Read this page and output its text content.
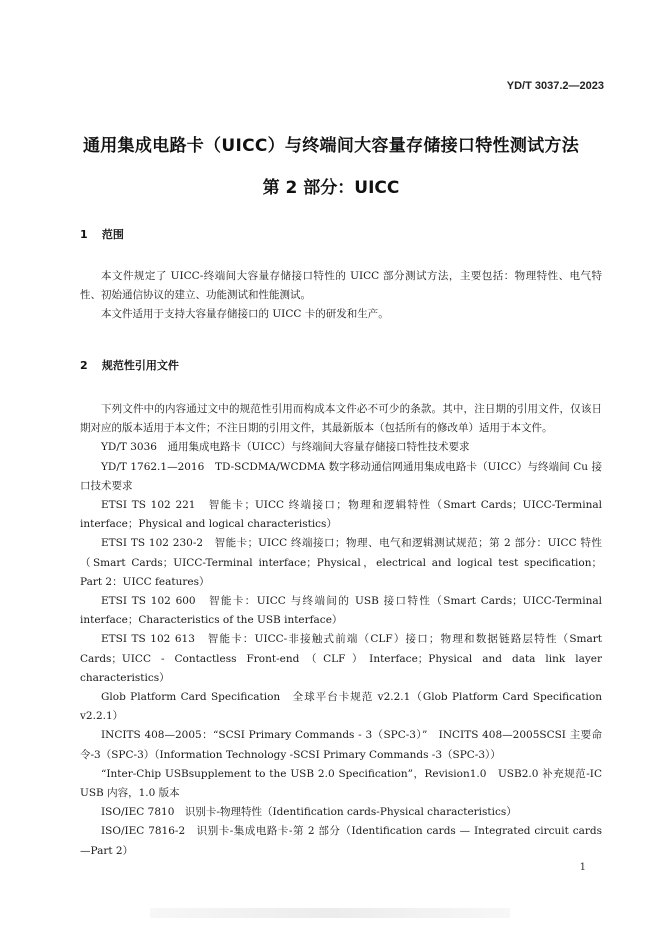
YD/T 3037.2—2023
通用集成电路卡（UICC）与终端间大容量存储接口特性测试方法
第 2 部分：UICC
1 范围

本文件规定了 UICC-终端间大容量存储接口特性的 UICC 部分测试方法，主要包括：物理特性、电气特性、初始通信协议的建立、功能测试和性能测试。

本文件适用于支持大容量存储接口的 UICC 卡的研发和生产。

2 规范性引用文件

下列文件中的内容通过文中的规范性引用而构成本文件必不可少的条款。其中，注日期的引用文件，仅该日期对应的版本适用于本文件；不注日期的引用文件，其最新版本（包括所有的修改单）适用于本文件。

YD/T 3036　通用集成电路卡（UICC）与终端间大容量存储接口特性技术要求

YD/T 1762.1—2016　TD-SCDMA/WCDMA 数字移动通信网通用集成电路卡（UICC）与终端间 Cu 接口技术要求

ETSI TS 102 221　智能卡；UICC 终端接口；物理和逻辑特性（Smart Cards；UICC-Terminal interface；Physical and logical characteristics）

ETSI TS 102 230-2　智能卡；UICC 终端接口；物理、电气和逻辑测试规范；第 2 部分：UICC 特性（Smart Cards；UICC-Terminal interface；Physical，electrical and logical test specification；Part 2：UICC features）

ETSI TS 102 600　智能卡：UICC 与终端间的 USB 接口特性（Smart Cards；UICC-Terminal interface；Characteristics of the USB interface）

ETSI TS 102 613　智能卡：UICC-非接触式前端（CLF）接口；物理和数据链路层特性（Smart Cards；UICC - Contactless Front-end（CLF）Interface；Physical and data link layer characteristics）

Glob Platform Card Specification　全球平台卡规范 v2.2.1（Glob Platform Card Specification v2.2.1）

INCITS 408—2005：“SCSI Primary Commands - 3（SPC-3）”　INCITS 408—2005SCSI 主要命令-3（SPC-3）（Information Technology -SCSI Primary Commands -3（SPC-3））

“Inter-Chip USBsupplement to the USB 2.0 Specification”，Revision1.0　USB2.0 补充规范-IC USB 内容，1.0 版本

ISO/IEC 7810　识别卡-物理特性（Identification cards-Physical characteristics）

ISO/IEC 7816-2　识别卡-集成电路卡-第 2 部分（Identification cards — Integrated circuit cards —Part 2）

1
